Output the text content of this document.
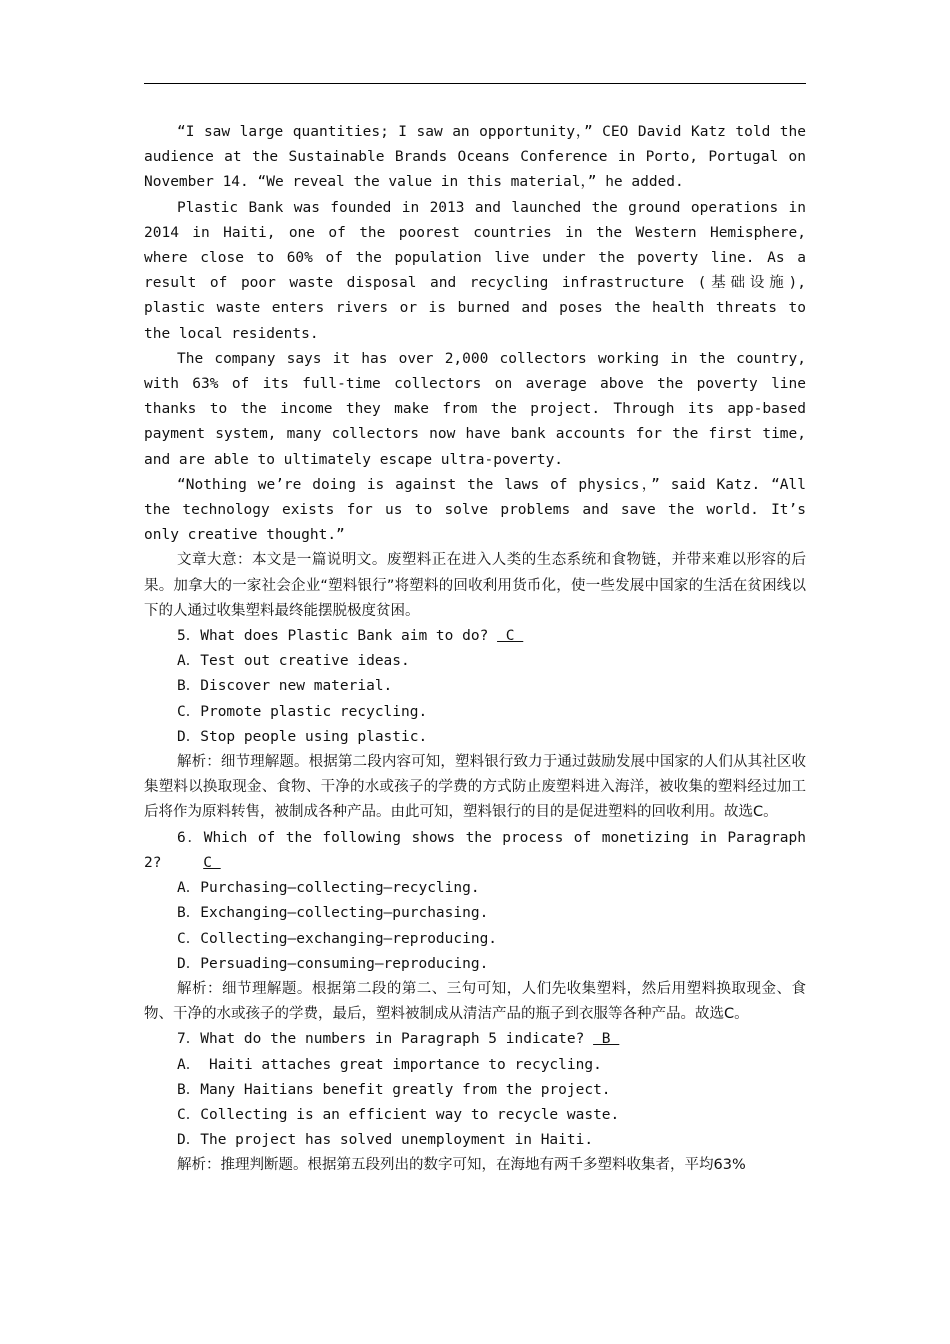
“I saw large quantities; I saw an opportunity，” CEO David Katz told the audience at the Sustainable Brands Oceans Conference in Porto, Portugal on November 14. “We reveal the value in this material，” he added.

Plastic Bank was founded in 2013 and launched the ground operations in 2014 in Haiti, one of the poorest countries in the Western Hemisphere, where close to 60% of the population live under the poverty line. As a result of poor waste disposal and recycling infrastructure (基础设施), plastic waste enters rivers or is burned and poses the health threats to the local residents.

The company says it has over 2,000 collectors working in the country, with 63% of its full-time collectors on average above the poverty line thanks to the income they make from the project. Through its app-based payment system, many collectors now have bank accounts for the first time, and are able to ultimately escape ultra-poverty.

“Nothing we’re doing is against the laws of physics，” said Katz. “All the technology exists for us to solve problems and save the world. It’s only creative thought.”

文章大意：本文是一篇说明文。废塑料正在进入人类的生态系统和食物链，并带来难以形容的后果。加拿大的一家社会企业“塑料银行”将塑料的回收利用货币化，使一些发展中国家的生活在贫困线以下的人通过收集塑料最终能摆脱极度贫困。

5．What does Plastic Bank aim to do?  C

A．Test out creative ideas.

B．Discover new material.

C．Promote plastic recycling.

D．Stop people using plastic.

解析：细节理解题。根据第二段内容可知，塑料银行致力于通过鼓励发展中国家的人们从其社区收集塑料以换取现金、食物、干净的水或孩子的学费的方式防止废塑料进入海洋，被收集的塑料经过加工后将作为原料转售，被制成各种产品。由此可知，塑料银行的目的是促进塑料的回收利用。故选C。

6．Which of the following shows the process of monetizing in Paragraph 2?	C

A．Purchasing—collecting—recycling.

B．Exchanging—collecting—purchasing.

C．Collecting—exchanging—reproducing.

D．Persuading—consuming—reproducing.

解析：细节理解题。根据第二段的第二、三句可知，人们先收集塑料，然后用塑料换取现金、食物、干净的水或孩子的学费，最后，塑料被制成从清洁产品的瓶子到衣服等各种产品。故选C。

7．What do the numbers in Paragraph 5 indicate?  B

A． Haiti attaches great importance to recycling.

B．Many Haitians benefit greatly from the project.

C．Collecting is an efficient way to recycle waste.

D．The project has solved unemployment in Haiti.

解析：推理判断题。根据第五段列出的数字可知，在海地有两千多塑料收集者，平均63%
